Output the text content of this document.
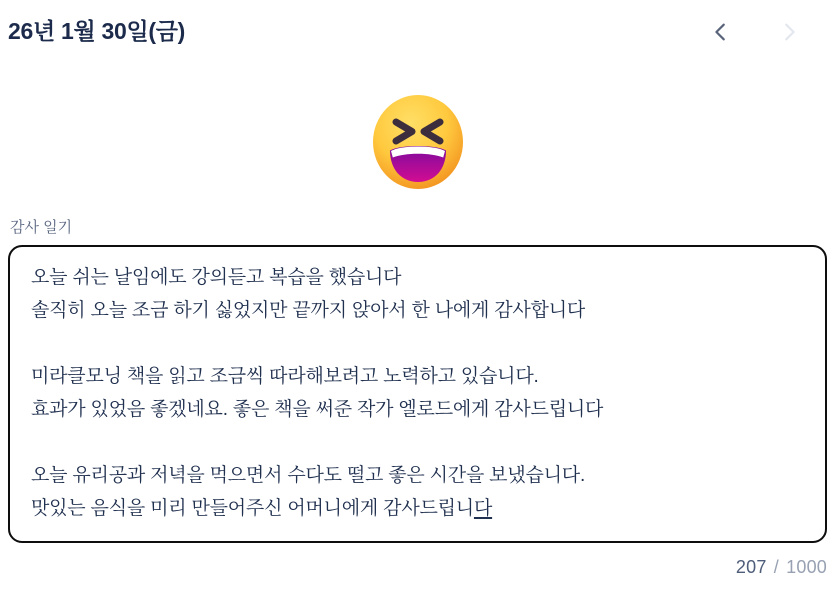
26년 1월 30일(금)
감사 일기
오늘 쉬는 날임에도 강의듣고 복습을 했습니다
솔직히 오늘 조금 하기 싫었지만 끝까지 앉아서 한 나에게 감사합니다
미라클모닝 책을 읽고 조금씩 따라해보려고 노력하고 있습니다.
효과가 있었음 좋겠네요. 좋은 책을 써준 작가 엘로드에게 감사드립니다
오늘 유리공과 저녁을 먹으면서 수다도 떨고 좋은 시간을 보냈습니다.
맛있는 음식을 미리 만들어주신 어머니에게 감사드립니다
207 / 1000
